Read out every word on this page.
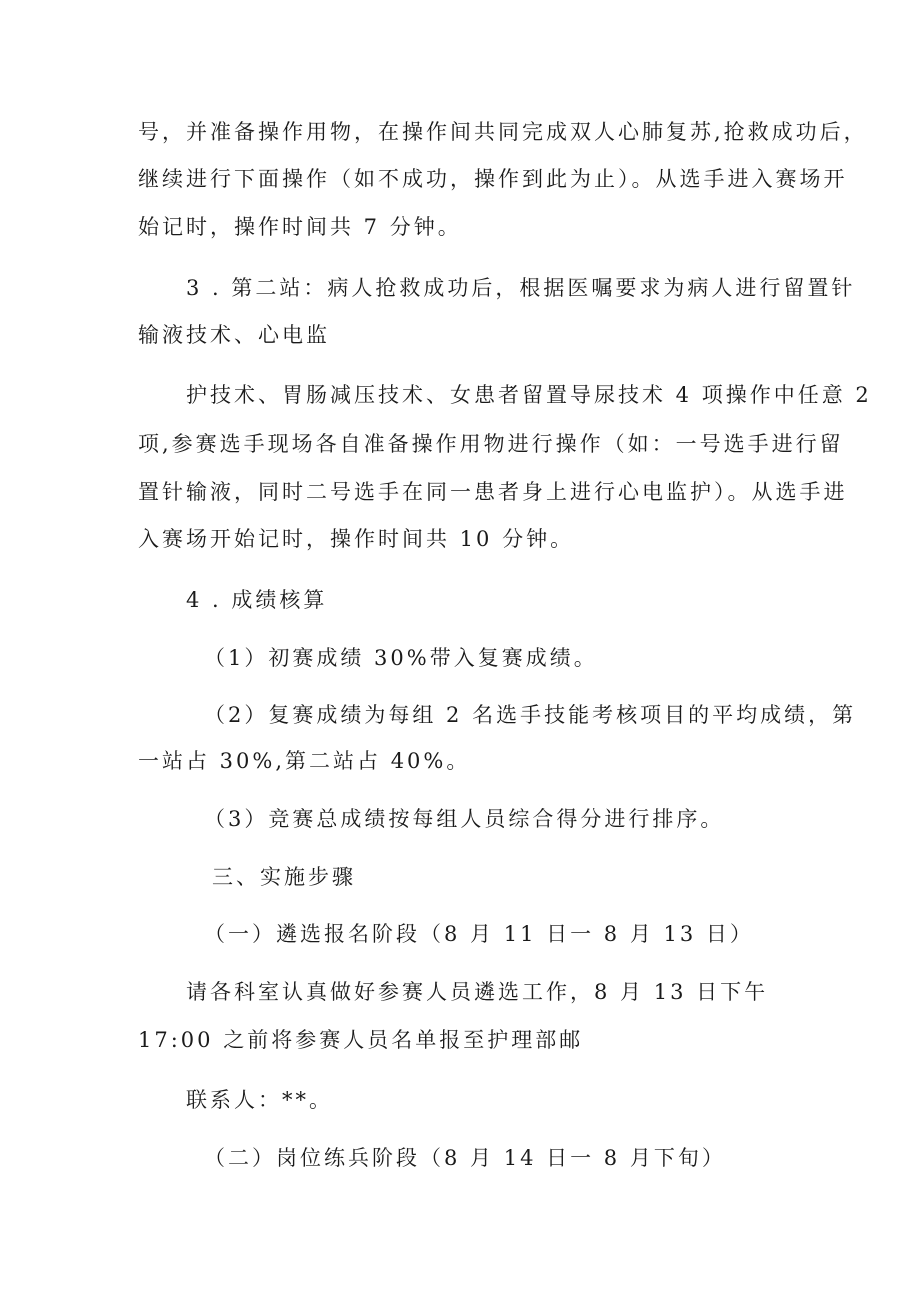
号，并准备操作用物，在操作间共同完成双人心肺复苏,抢救成功后，
继续进行下面操作（如不成功，操作到此为止）。从选手进入赛场开
始记时，操作时间共 7 分钟。
3 . 第二站：病人抢救成功后，根据医嘱要求为病人进行留置针
输液技术、心电监
护技术、胃肠减压技术、女患者留置导尿技术 4 项操作中任意 2
项,参赛选手现场各自准备操作用物进行操作（如：一号选手进行留
置针输液，同时二号选手在同一患者身上进行心电监护）。从选手进
入赛场开始记时，操作时间共 10 分钟。
4 . 成绩核算
（1）初赛成绩 30%带入复赛成绩。
（2）复赛成绩为每组 2 名选手技能考核项目的平均成绩，第
一站占 30%,第二站占 40%。
（3）竞赛总成绩按每组人员综合得分进行排序。
三、实施步骤
（一）遴选报名阶段（8 月 11 日一 8 月 13 日）
请各科室认真做好参赛人员遴选工作，8 月 13 日下午
17:00 之前将参赛人员名单报至护理部邮
联系人：**。
（二）岗位练兵阶段（8 月 14 日一 8 月下旬）
